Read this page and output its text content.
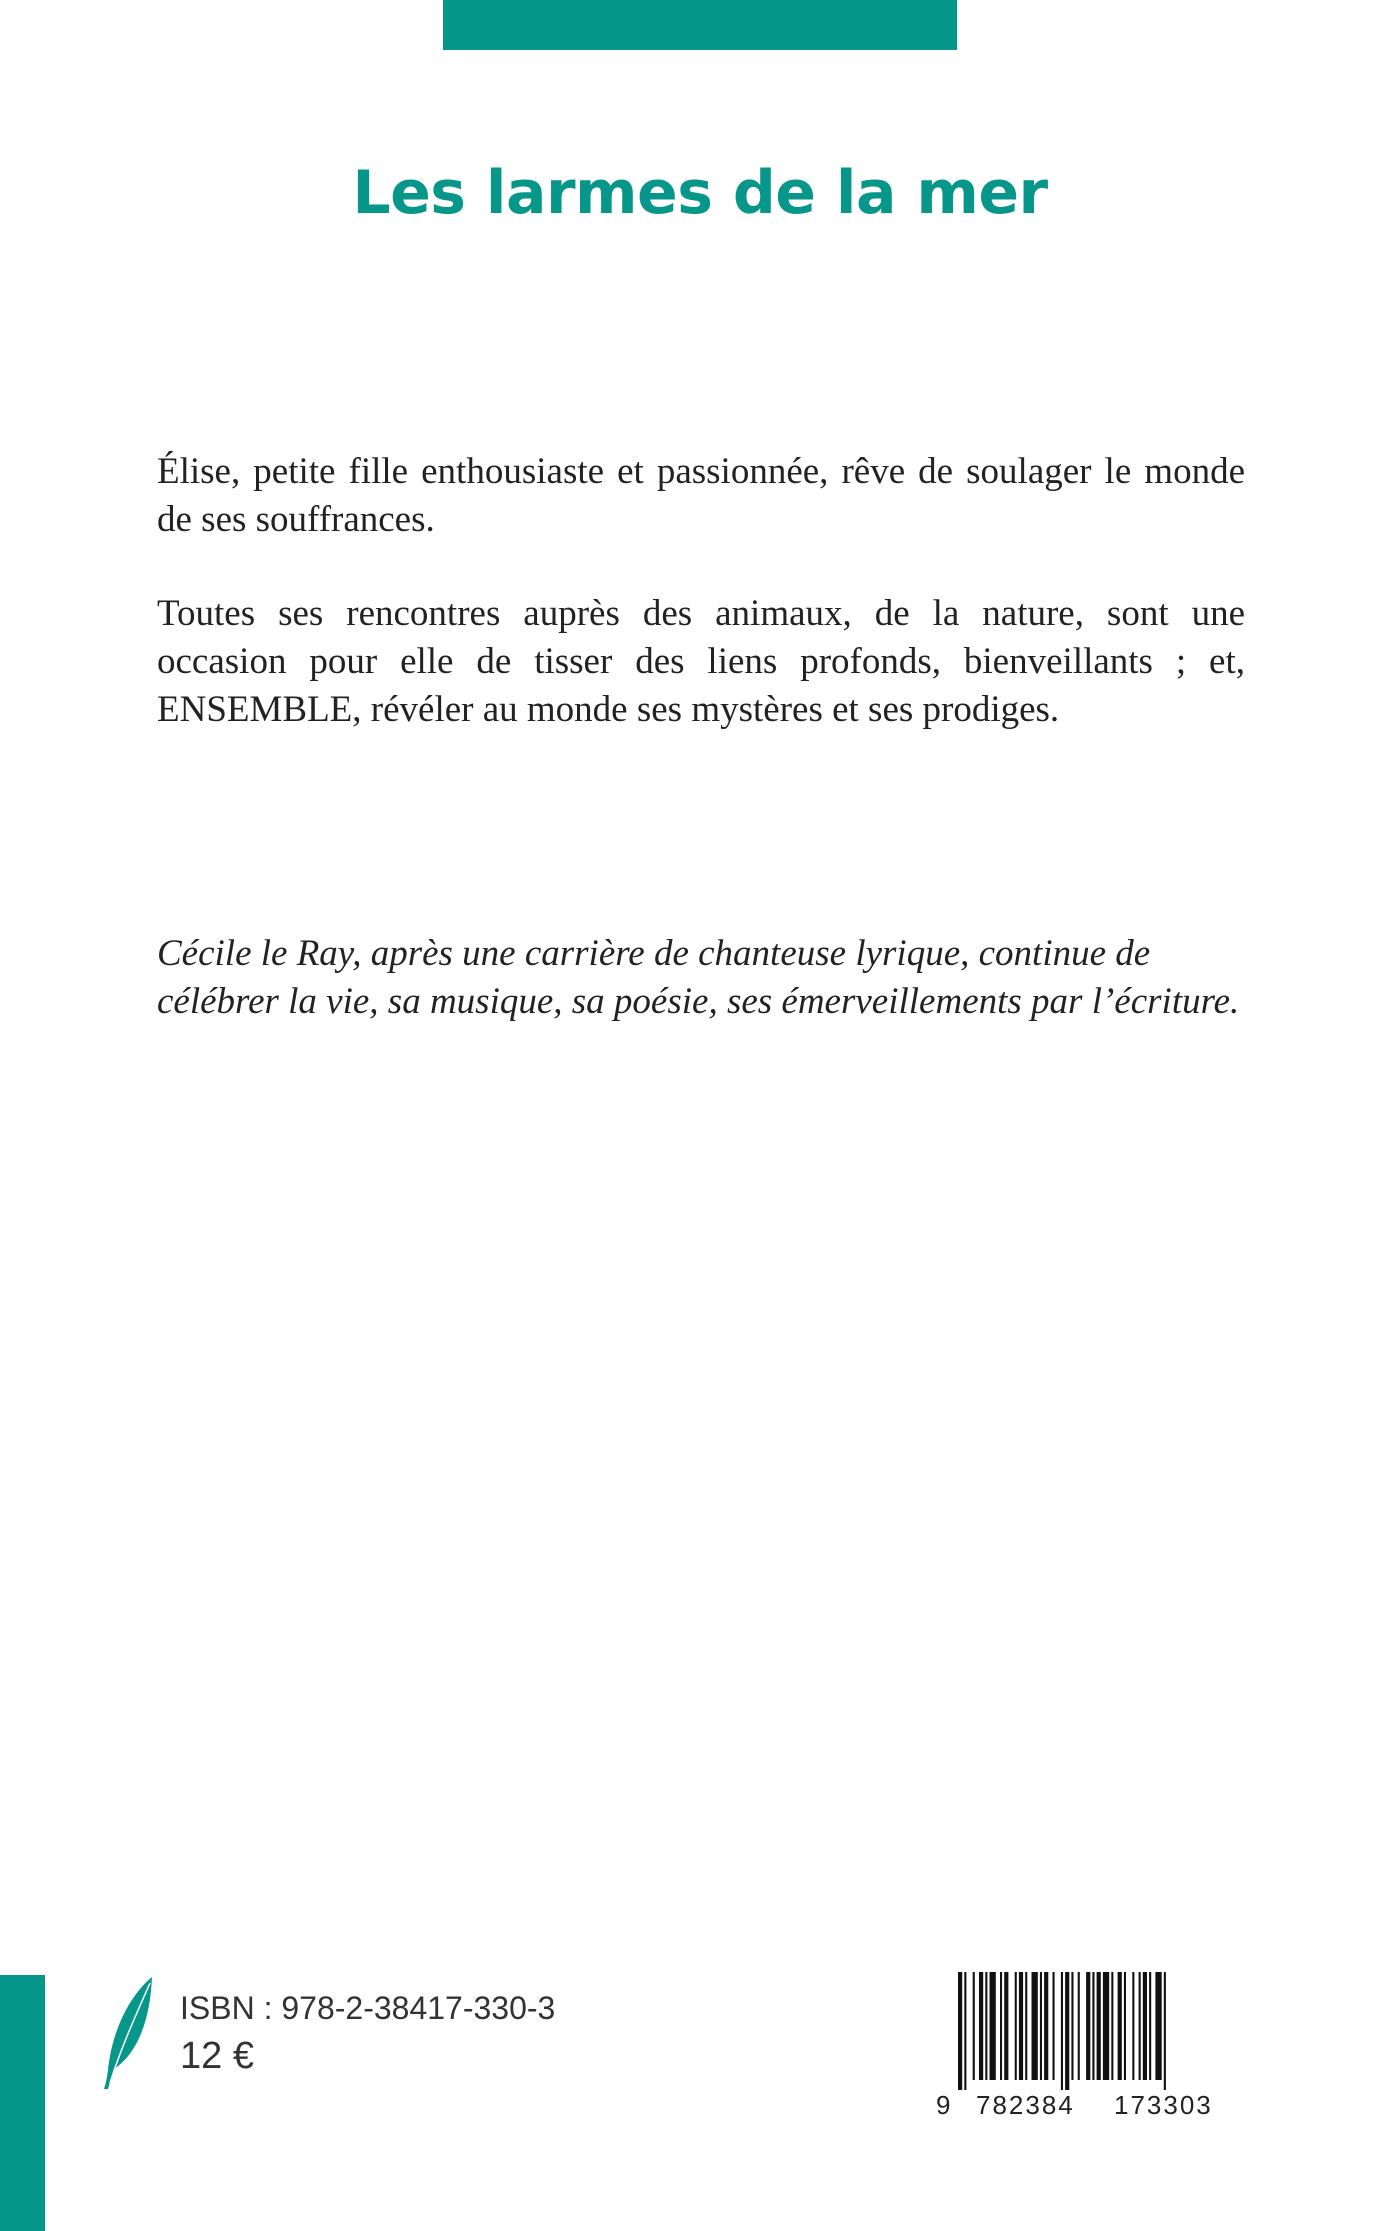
Les larmes de la mer

Élise, petite fille enthousiaste et passionnée, rêve de soulager le monde de ses souffrances.

Toutes ses rencontres auprès des animaux, de la nature, sont une occasion pour elle de tisser des liens profonds, bienveillants ; et, ENSEMBLE, révéler au monde ses mystères et ses prodiges.

Cécile le Ray, après une carrière de chanteuse lyrique, continue de célébrer la vie, sa musique, sa poésie, ses émerveillements par l’écriture.

ISBN : 978-2-38417-330-3
12 €
9 782384 173303
